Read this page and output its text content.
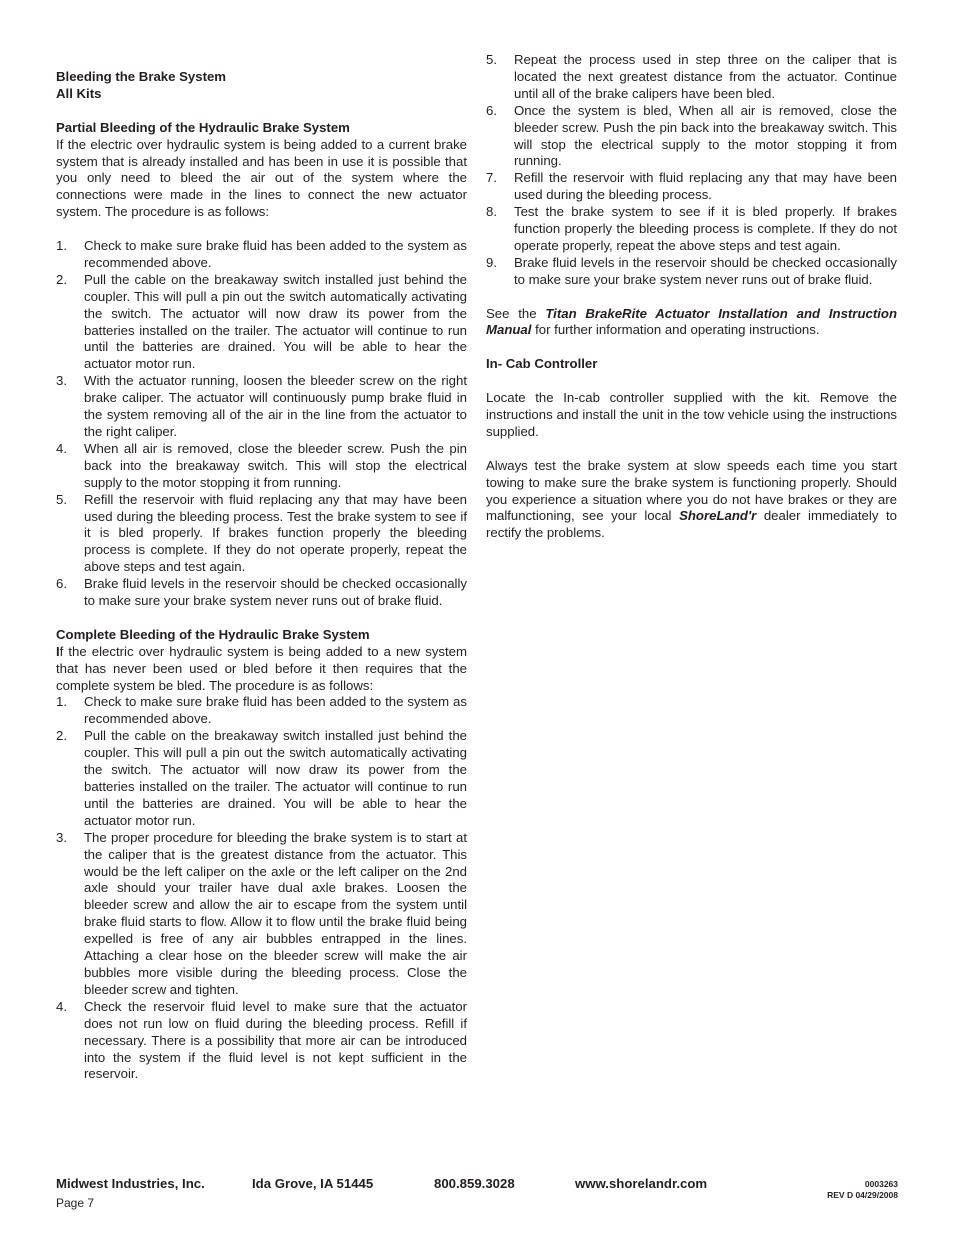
Bleeding the Brake System
All Kits
Partial Bleeding of the Hydraulic Brake System

If the electric over hydraulic system is being added to a current brake system that is already installed and has been in use it is possible that you only need to bleed the air out of the system where the connections were made in the lines to connect the new actuator system. The procedure is as follows:

1. Check to make sure brake fluid has been added to the system as recommended above.
2. Pull the cable on the breakaway switch installed just behind the coupler. This will pull a pin out the switch automatically activating the switch. The actuator will now draw its power from the batteries installed on the trailer. The actuator will continue to run until the batteries are drained. You will be able to hear the actuator motor run.
3. With the actuator running, loosen the bleeder screw on the right brake caliper. The actuator will continuously pump brake fluid in the system removing all of the air in the line from the actuator to the right caliper.
4. When all air is removed, close the bleeder screw. Push the pin back into the breakaway switch. This will stop the electrical supply to the motor stopping it from running.
5. Refill the reservoir with fluid replacing any that may have been used during the bleeding process. Test the brake system to see if it is bled properly. If brakes function properly the bleeding process is complete. If they do not operate properly, repeat the above steps and test again.
6. Brake fluid levels in the reservoir should be checked occasionally to make sure your brake system never runs out of brake fluid.
Complete Bleeding of the Hydraulic Brake System

If the electric over hydraulic system is being added to a new system that has never been used or bled before it then requires that the complete system be bled. The procedure is as follows:

1. Check to make sure brake fluid has been added to the system as recommended above.
2. Pull the cable on the breakaway switch installed just behind the coupler. This will pull a pin out the switch automatically activating the switch. The actuator will now draw its power from the batteries installed on the trailer. The actuator will continue to run until the batteries are drained. You will be able to hear the actuator motor run.
3. The proper procedure for bleeding the brake system is to start at the caliper that is the greatest distance from the actuator. This would be the left caliper on the axle or the left caliper on the 2nd axle should your trailer have dual axle brakes. Loosen the bleeder screw and allow the air to escape from the system until brake fluid starts to flow. Allow it to flow until the brake fluid being expelled is free of any air bubbles entrapped in the lines. Attaching a clear hose on the bleeder screw will make the air bubbles more visible during the bleeding process. Close the bleeder screw and tighten.
4. Check the reservoir fluid level to make sure that the actuator does not run low on fluid during the bleeding process. Refill if necessary. There is a possibility that more air can be introduced into the system if the fluid level is not kept sufficient in the reservoir.
5. Repeat the process used in step three on the caliper that is located the next greatest distance from the actuator. Continue until all of the brake calipers have been bled.
6. Once the system is bled, When all air is removed, close the bleeder screw. Push the pin back into the breakaway switch. This will stop the electrical supply to the motor stopping it from running.
7. Refill the reservoir with fluid replacing any that may have been used during the bleeding process.
8. Test the brake system to see if it is bled properly. If brakes function properly the bleeding process is complete. If they do not operate properly, repeat the above steps and test again.
9. Brake fluid levels in the reservoir should be checked occasionally to make sure your brake system never runs out of brake fluid.

See the Titan BrakeRite Actuator Installation and Instruction Manual for further information and operating instructions.

In- Cab Controller

Locate the In-cab controller supplied with the kit. Remove the instructions and install the unit in the tow vehicle using the instructions supplied.

Always test the brake system at slow speeds each time you start towing to make sure the brake system is functioning properly. Should you experience a situation where you do not have brakes or they are malfunctioning, see your local ShoreLand'r dealer immediately to rectify the problems.

Midwest Industries, Inc.	Ida Grove, IA 51445	800.859.3028	www.shorelandr.com
Page 7
0003263
REV D 04/29/2008
